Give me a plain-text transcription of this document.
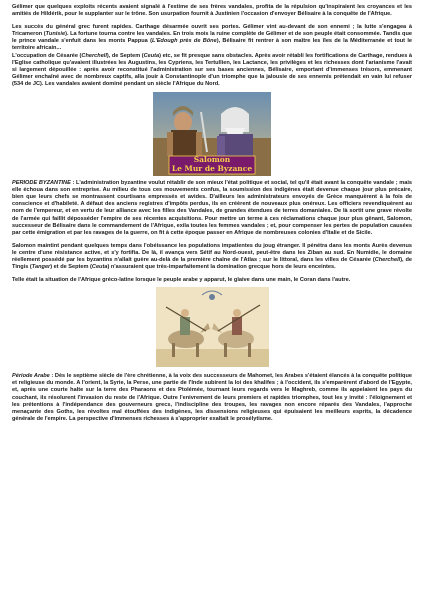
Gélimer que quelques exploits récents avaient signalé à l'estime de ses frères vandales, profita de la répulsion qu'inspiraient les croyances et les amitiés de Hildérik, pour le supplanter sur le trône. Son usurpation fournit à Justinien l'occasion d'envoyer Bélisaire à la conquête de l'Afrique.

Les succès du général grec furent rapides. Carthage désarmée ouvrit ses portes. Gélimer vint au-devant de son ennemi ; la lutte s'engagea à Tricameron (Tunisie). La fortune tourna contre les vandales. En trois mois la ruine complète de Gélimer et de son peuple était consommée. Tandis que le prince vandale s'enfuit dans les monts Pappua (L'Edough près de Bône), Bélisaire fit rentrer à son maître les îles de la Méditerranée et tout le territoire africain...

L'occupation de Césarée (Cherchell), de Septem (Ceuta) etc, se fit presque sans obstacles. Après avoir rétabli les fortifications de Carthage, rendues à l'Eglise catholique qu'avaient illustrées les Augustins, les Cypriens, les Tertullien, les Lactance, les privilèges et les richesses dont l'arianisme l'avait si largement dépouillée : après avoir reconstitué l'administration sur ses bases anciennes, Bélisaire, emportant d'immenses trésors, emmenant Gélimer enchaîné avec de nombreux captifs, alla jouir à Constantinople d'un triomphe que la jalousie de ses ennemis prétendait en vain lui refuser (534 de JC). Les vandales avaient dominé pendant un siècle l'Afrique du Nord.

Salomon
Le Mur de Byzance

PERIODE BYZANTINE : L'administration byzantine voulut rétablir de son mieux l'état politique et social, tel qu'il était avant la conquête vandale ; mais elle échoua dans son entreprise. Au milieu de tous ces mouvements confus, la soumission des indigènes était devenue chaque jour plus précaire, bien que leurs chefs se montrassent courtisans empressés et avides. D'ailleurs les administrateurs envoyés de Grèce manquèrent à la fois de conscience et d'habileté. A défaut des anciens registres d'impôts perdus, ils en créèrent de nouveaux plus onéreux. Les officiers revendiquèrent au nom de l'empereur, et en vertu de leur alliance avec les filles des Vandales, de grandes étendues de terres domaniales. De là sortit une grave révolte de l'armée qui faillit déposséder l'empire de ses récentes acquisitions. Pour mettre un terme à ces réclamations chaque jour plus gênant, Salomon, successeur de Bélisaire dans le commandement de l'Afrique, exila toutes les femmes vandales ; et, pour compenser les pertes de population causées par cette émigration et par les ravages de la guerre, on fit à cette époque passer en Afrique de nombreuses colonies d'Italie et de Sicile.

Salomon maintint pendant quelques temps dans l'obéissance les populations impatientes du joug étranger. Il pénétra dans les monts Aurès devenus le centre d'une résistance active, et s'y fortifia. De là, il avança vers Sétif au Nord-ouest, peut-être dans les Ziban au sud. En Numidie, le domaine réellement possédé par les byzantins n'allait guère au-delà de la première chaîne de l'Atlas ; sur le littoral, dans les villes de Césarée (Cherchell), de Tingis (Tanger) et de Septem (Ceuta) n'assuraient que très-imparfaitement la domination grecque hors de leurs enceintes.

Telle était la situation de l'Afrique gréco-latine lorsque le peuple arabe y apparut, le glaive dans une main, le Coran dans l'autre.

Période Arabe : Dès le septième siècle de l'ère chrétienne, à la voix des successeurs de Mahomet, les Arabes s'étaient élancés à la conquête politique et religieuse du monde. A l'orient, la Syrie, la Perse, une partie de l'Inde subirent la loi des khalifes ; à l'occident, ils s'emparèrent d'abord de l'Egypte, et, après une courte halte sur la terre des Pharaons et des Ptolémée, tournant leurs regards vers le Maghreb, comme ils appelaient les pays du couchant, ils résolurent l'invasion du reste de l'Afrique. Outre l'enivrement de leurs premiers et rapides triomphes, tout les y invité : l'éloignement et les prétentions à l'indépendance des gouverneurs grecs, l'indiscipline des troupes, les ravages non encore réparés des Vandales, l'approche menaçante des Goths, les révoltes mal étouffées des indigènes, les dissensions religieuses qui épuisaient les meilleurs esprits, la décadence générale de l'empire. La perspective d'immenses richesses à s'approprier exaltait le prosélytisme.
